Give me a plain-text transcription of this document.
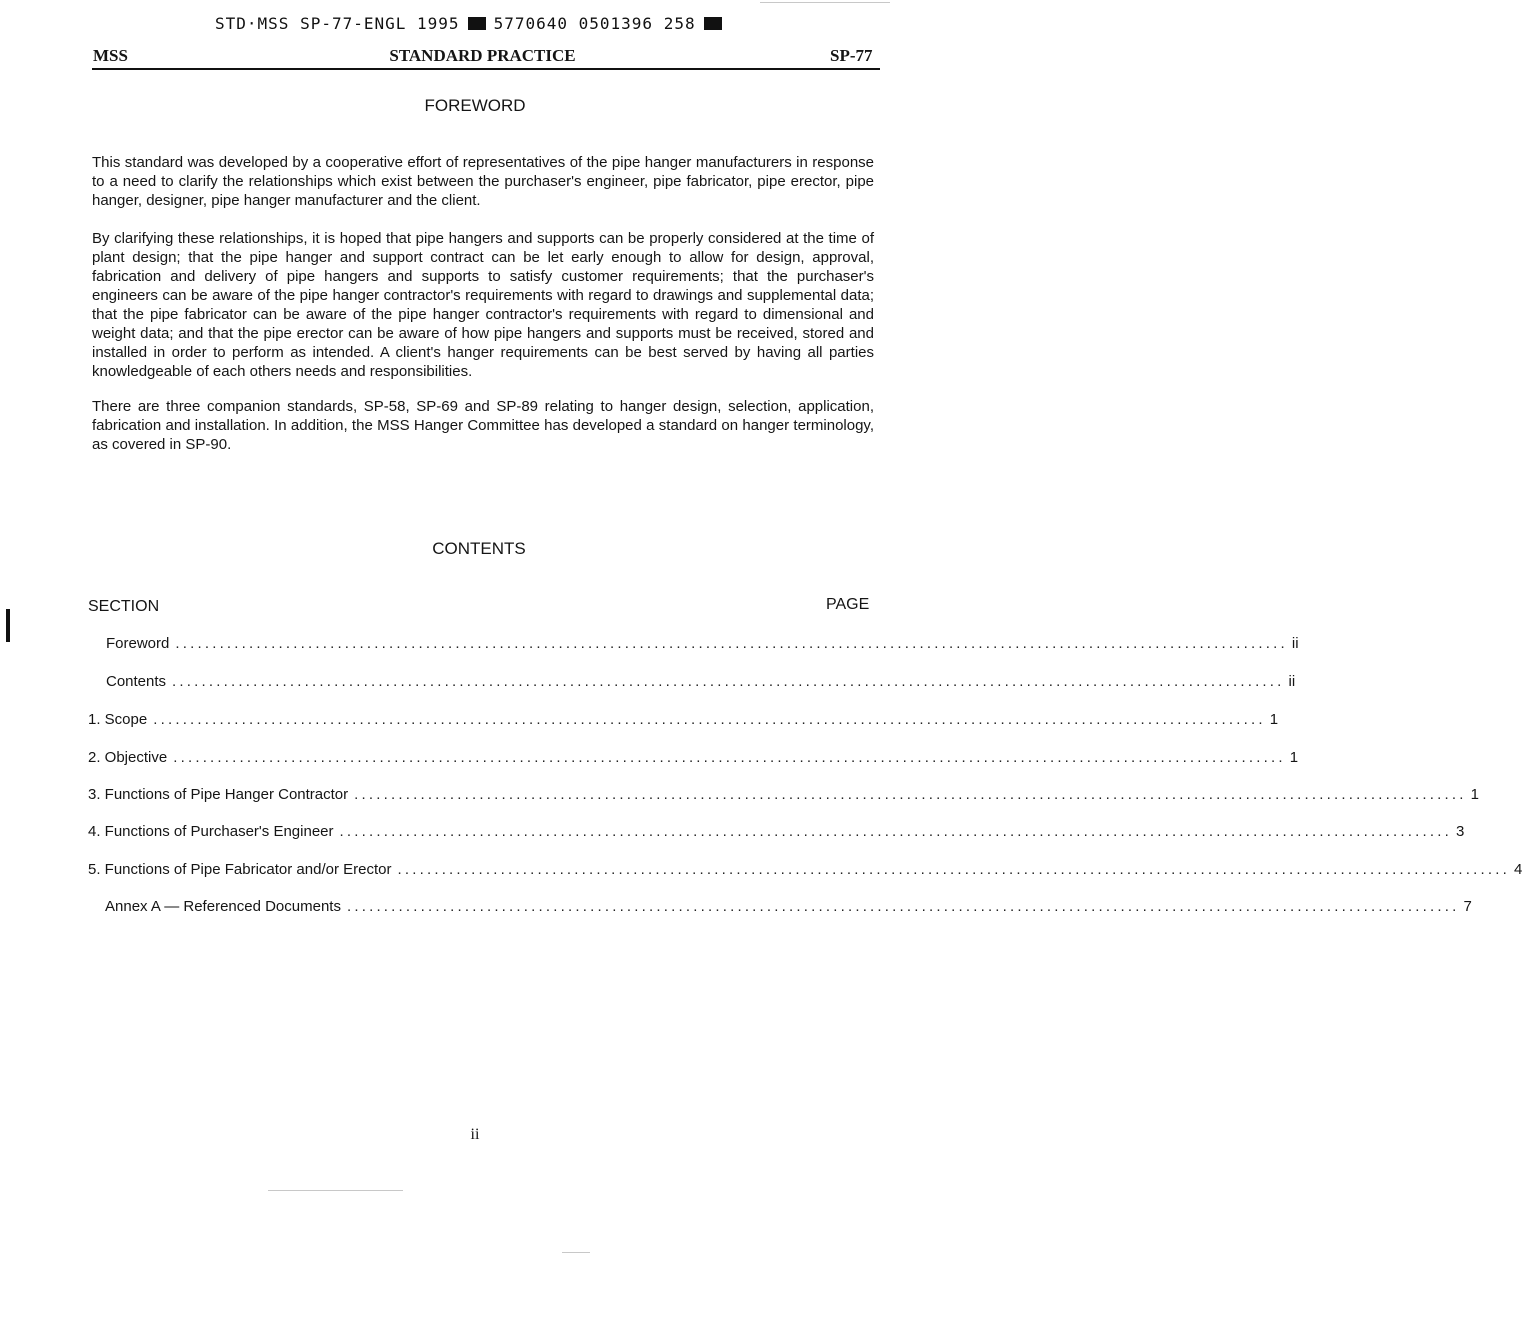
STD·MSS SP-77-ENGL 1995 5770640 0501396 258
MSS	STANDARD PRACTICE	SP-77
FOREWORD

This standard was developed by a cooperative effort of representatives of the pipe hanger manufacturers in response to a need to clarify the relationships which exist between the purchaser's engineer, pipe fabricator, pipe erector, pipe hanger, designer, pipe hanger manufacturer and the client.

By clarifying these relationships, it is hoped that pipe hangers and supports can be properly considered at the time of plant design; that the pipe hanger and support contract can be let early enough to allow for design, approval, fabrication and delivery of pipe hangers and supports to satisfy customer requirements; that the purchaser's engineers can be aware of the pipe hanger contractor's requirements with regard to drawings and supplemental data; that the pipe fabricator can be aware of the pipe hanger contractor's requirements with regard to dimensional and weight data; and that the pipe erector can be aware of how pipe hangers and supports must be received, stored and installed in order to perform as intended. A client's hanger requirements can be best served by having all parties knowledgeable of each others needs and responsibilities.

There are three companion standards, SP-58, SP-69 and SP-89 relating to hanger design, selection, application, fabrication and installation. In addition, the MSS Hanger Committee has developed a standard on hanger terminology, as covered in SP-90.

CONTENTS
SECTION	PAGE
Foreword ....................................................................................................................................................... ii
Contents ....................................................................................................................................................... ii
1. Scope ....................................................................................................................................................... 1
2. Objective ....................................................................................................................................................... 1
3. Functions of Pipe Hanger Contractor ....................................................................................................................................................... 1
4. Functions of Purchaser's Engineer ....................................................................................................................................................... 3
5. Functions of Pipe Fabricator and/or Erector ....................................................................................................................................................... 4
Annex A — Referenced Documents ....................................................................................................................................................... 7
ii
